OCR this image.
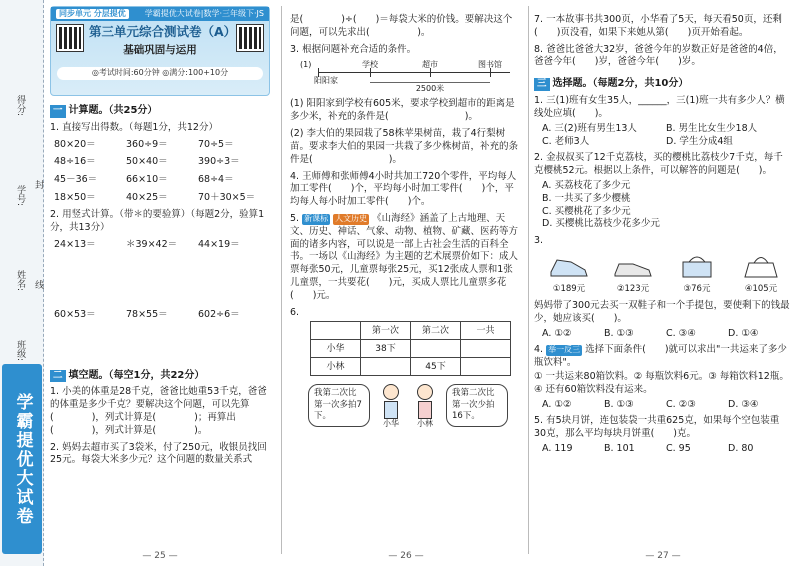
得分:
学号:
姓名:
班级:
封
线
学霸提优大试卷
同步单元 分层提优	学霸提优大试卷|数学·三年级下·JS
第三单元综合测试卷（A）
基础巩固与运用
◎考试时间:60分钟 ◎满分:100+10分
一 计算题。（共25分）
1. 直接写出得数。（每题1分，共12分）
80×20＝	360÷9＝	70÷5＝
48÷16＝	50×40＝	390÷3＝
45－36＝	66×10＝	68÷4＝
18×50＝	40×25＝	70＋30×5＝
2. 用竖式计算。（带＊的要验算）（每题2分，验算1分，共13分）
24×13＝	＊39×42＝	44×19＝
60×53＝	78×55＝	602÷6＝
二 填空题。（每空1分，共22分）
1. 小美的体重是28千克，爸爸比她重53千克，爸爸的体重是多少千克？要解决这个问题，可以先算(　　　　)，列式计算是(　　　　)；再算出(　　　　)，列式计算是(　　　　)。
2. 妈妈去超市买了3袋米，付了250元，收银员找回25元。每袋大米多少元？这个问题的数量关系式
— 25 —
是(　　　　)÷(　　)＝每袋大米的价钱。要解决这个问题，可以先求出(　　　　　)。
3. 根据问题补充合适的条件。
(1)
阳阳家
学校	超市	图书馆
2500米
(1) 阳阳家到学校有605米，要求学校到超市的距离是多少米，补充的条件是(　　　　　　　　)。
(2) 李大伯的果园栽了58株苹果树苗，栽了4行梨树苗。要求李大伯的果园一共栽了多少株树苗，补充的条件是(　　　　　　　　)。
4. 王师傅和张师傅4小时共加工720个零件，平均每人加工零件(　　)个，平均每小时加工零件(　　)个，平均每人每小时加工零件(　　)个。
5. 新课标 人文历史 《山海经》涵盖了上古地理、天文、历史、神话、气象、动物、植物、矿藏、医药等方面的诸多内容，可以说是一部上古社会生活的百科全书。一场以《山海经》为主题的艺术展票价如下：成人票每张50元，儿童票每张25元，买12张成人票和1张儿童票，一共要花(　　)元，买成人票比儿童票多花(　　)元。
6.
	第一次	第二次	一共
小华	38下		
小林		45下	
我第二次比第一次多拍7下。
小华	小林
我第二次比第一次少拍16下。
— 26 —
7. 一本故事书共300页，小华看了5天，每天看50页，还剩(　　)页没看，如果下来她从第(　　)页开始看起。
8. 爸爸比爸爸大32岁，爸爸今年的岁数正好是爸爸的4倍，爸爸今年(　　)岁，爸爸今年(　　)岁。
三 选择题。（每题2分，共10分）
1. 三(1)班有女生35人，______，三(1)班一共有多少人？横线处应填(　　)。
A. 三(2)班有男生13人	B. 男生比女生少18人
C. 老师3人	D. 学生分成4组
2. 金叔叔买了12千克荔枝，买的樱桃比荔枝少7千克，每千克樱桃52元。根据以上条件，可以解答的问题是(　　)。
A. 买荔枝花了多少元
B. 一共买了多少樱桃
C. 买樱桃花了多少元
D. 买樱桃比荔枝少花多少元
3.
①189元	②123元	③76元	④105元
妈妈带了300元去买一双鞋子和一个手提包，要使剩下的钱最少，她应该买(　　)。
A. ①②	B. ①③	C. ③④	D. ①④
4. 举一反三 选择下面条件(　　)就可以求出"一共运来了多少瓶饮料"。
① 一共运来80箱饮料。② 每瓶饮料6元。③ 每箱饮料12瓶。④ 还有60箱饮料没有运来。
A. ①②	B. ①③	C. ②③	D. ③④
5. 有5块月饼，连包装袋一共重625克，如果每个空包装重30克，那么平均每块月饼重(　　)克。
A. 119	B. 101	C. 95	D. 80
— 27 —
